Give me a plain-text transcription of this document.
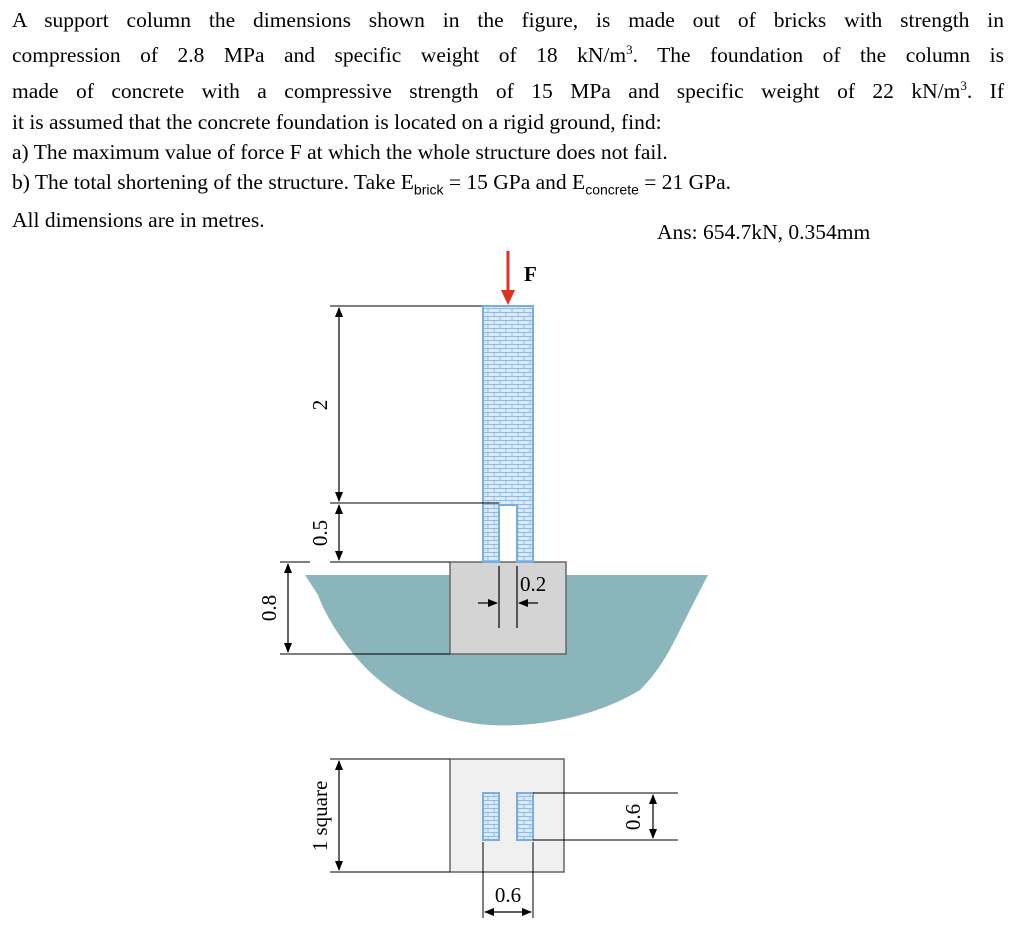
A support column the dimensions shown in the figure, is made out of bricks with strength in

compression of 2.8 MPa and specific weight of 18 $kN/m^3$. The foundation of the column is

made of concrete with a compressive strength of 15 MPa and specific weight of 22 $kN/m^3$. If

it is assumed that the concrete foundation is located on a rigid ground, find:

a) The maximum value of force F at which the whole structure does not fail.

b) The total shortening of the structure. Take $E_{brick} = 15$ GPa and $E_{concrete} = 21$ GPa.

All dimensions are in metres.	Ans: 654.7kN, 0.354mm
F
2
0.5
0.8
0.2
1 square	0.6
0.6
